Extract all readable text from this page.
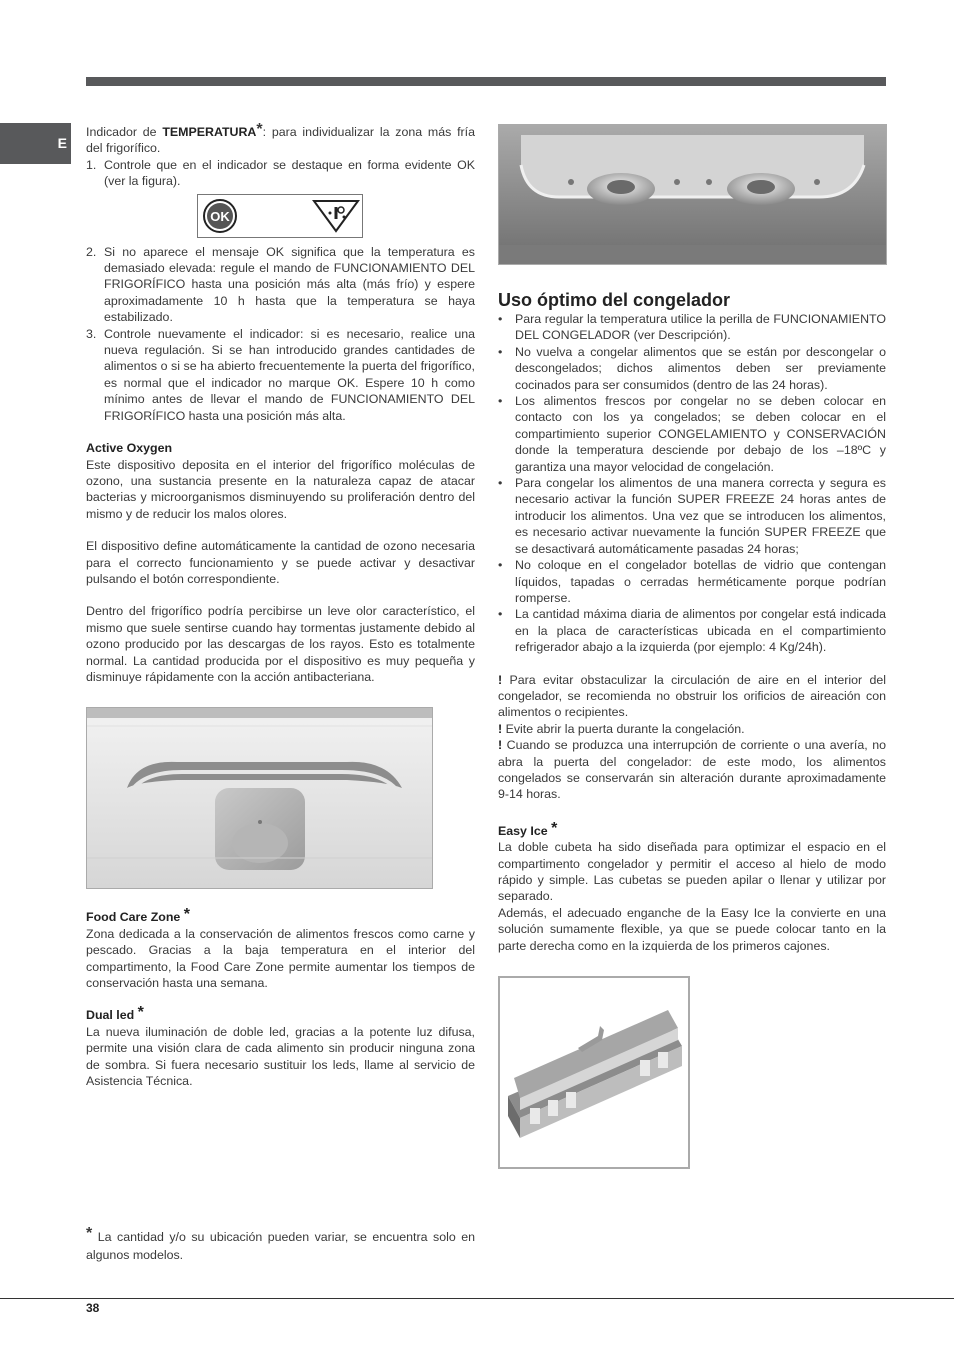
E

Indicador de TEMPERATURA*: para individualizar la zona más fría del frigorífico.

1. Controle que en el indicador se destaque en forma evidente OK (ver la figura).
OK
2. Si no aparece el mensaje OK significa que la temperatura es demasiado elevada: regule el mando de FUNCIONAMIENTO DEL FRIGORÍFICO hasta una posición más alta (más frío) y espere aproximadamente 10 h hasta que la temperatura se haya estabilizado.
3. Controle nuevamente el indicador: si es necesario, realice una nueva regulación. Si se han introducido grandes cantidades de alimentos o si se ha abierto frecuentemente la puerta del frigorífico, es normal que el indicador no marque OK. Espere 10 h como mínimo antes de llevar el mando de FUNCIONAMIENTO DEL FRIGORÍFICO hasta una posición más alta.

Active Oxygen

Este dispositivo deposita en el interior del frigorífico moléculas de ozono, una sustancia presente en la naturaleza capaz de atacar bacterias y microorganismos disminuyendo su proliferación dentro del mismo y de reducir los malos olores.

El dispositivo define automáticamente la cantidad de ozono necesaria para el correcto funcionamiento y se puede activar y desactivar pulsando el botón correspondiente.

Dentro del frigorífico podría percibirse un leve olor característico, el mismo que suele sentirse cuando hay tormentas justamente debido al ozono producido por las descargas de los rayos. Esto es totalmente normal. La cantidad producida por el dispositivo es muy pequeña y disminuye rápidamente con la acción antibacteriana.

Food Care Zone *

Zona dedicada a la conservación de alimentos frescos como carne y pescado. Gracias a la baja temperatura en el interior del compartimento, la Food Care Zone permite aumentar los tiempos de conservación hasta una semana.

Dual led *

La nueva iluminación de doble led, gracias a la potente luz difusa, permite una visión clara de cada alimento sin producir ninguna zona de sombra. Si fuera necesario sustituir los leds, llame al servicio de Asistencia Técnica.

* La cantidad y/o su ubicación pueden variar, se encuentra solo en algunos modelos.

Uso óptimo del congelador
•	Para regular la temperatura utilice la perilla de FUNCIONAMIENTO DEL CONGELADOR (ver Descripción).
•	No vuelva a congelar alimentos que se están por descongelar o descongelados; dichos alimentos deben ser previamente cocinados para ser consumidos (dentro de las 24 horas).
•	Los alimentos frescos por congelar no se deben colocar en contacto con los ya congelados; se deben colocar en el compartimiento superior CONGELAMIENTO y CONSERVACIÓN donde la temperatura desciende por debajo de los –18ºC y garantiza una mayor velocidad de congelación.
•	Para congelar los alimentos de una manera correcta y segura es necesario activar la función SUPER FREEZE 24 horas antes de introducir los alimentos. Una vez que se introducen los alimentos, es necesario activar nuevamente la función SUPER FREEZE que se desactivará automáticamente pasadas 24 horas;
•	No coloque en el congelador botellas de vidrio que contengan líquidos, tapadas o cerradas herméticamente porque podrían romperse.
•	La cantidad máxima diaria de alimentos por congelar está indicada en la placa de características ubicada en el compartimiento refrigerador abajo a la izquierda (por ejemplo: 4 Kg/24h).

! Para evitar obstaculizar la circulación de aire en el interior del congelador, se recomienda no obstruir los orificios de aireación con alimentos o recipientes.

! Evite abrir la puerta durante la congelación.

! Cuando se produzca una interrupción de corriente o una avería, no abra la puerta del congelador: de este modo, los alimentos congelados se conservarán sin alteración durante aproximadamente 9-14 horas.

Easy Ice *

La doble cubeta ha sido diseñada para optimizar el espacio en el compartimento congelador y permitir el acceso al hielo de modo rápido y simple. Las cubetas se pueden apilar o llenar y utilizar por separado.

Además, el adecuado enganche de la Easy Ice la convierte en una solución sumamente flexible, ya que se puede colocar tanto en la parte derecha como en la izquierda de los primeros cajones.

38
